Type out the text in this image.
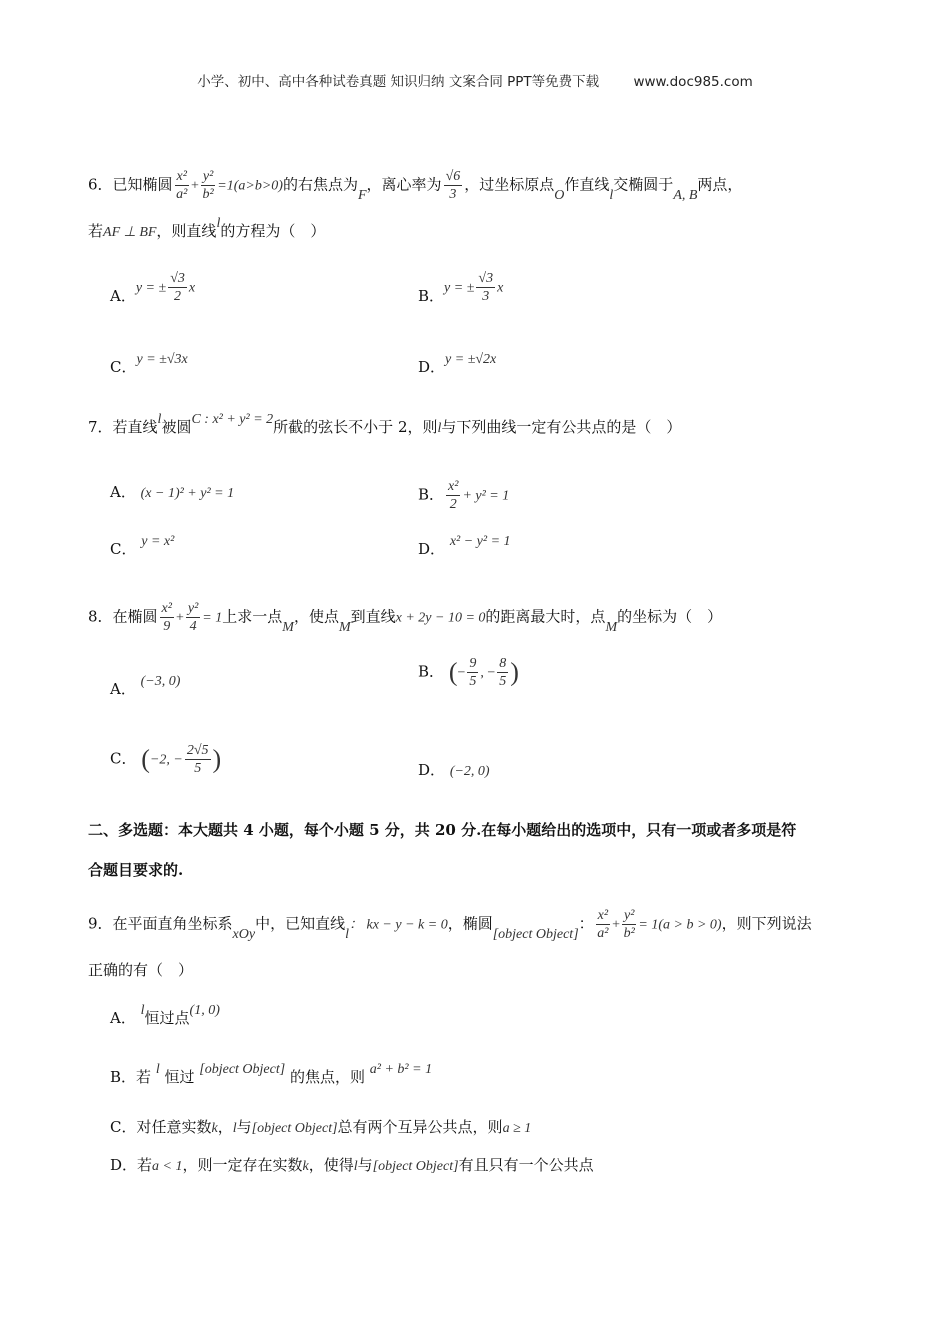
小学、初中、高中各种试卷真题 知识归纳 文案合同 PPT等免费下载	www.doc985.com
6．已知椭圆 $\frac{\text{x²}}{\text{a²}} + \frac{\text{y²}}{\text{b²}} =1(a>b>0)$的右焦点为F，离心率为 $\frac{√6}{3}$ ，过坐标原点O作直线l交椭圆于A, B两点，
若AF ⊥ BF，则直线l的方程为（　）
A．y = ± $\frac{√3}{2}$ x	B．y = ± $\frac{√3}{3}$ x
C．y = ±√3x	D．y = ±√2x
7．若直线l被圆C : x² + y² = 2所截的弦长不小于 2，则l与下列曲线一定有公共点的是（　）
A． (x − 1)² + y² = 1	B． $\frac{\text{x²}}{2} + y^2 = 1$
C． y = x²	D． x² − y² = 1
8．在椭圆 $\frac{\text{x²}}{9} + \frac{\text{y²}}{4} = 1$上求一点M，使点M到直线x + 2y − 10 = 0的距离最大时，点M的坐标为（　）
A． (−3, 0)
B． (− $\frac{9}{5}$ , − $\frac{8}{5}$ )
C． (−2, − $\frac{2√5}{5}$ )	D． (−2, 0)
二、多选题：本大题共 4 小题，每个小题 5 分，共 20 分.在每小题给出的选项中，只有一项或者多项是符
合题目要求的.
9．在平面直角坐标系xOy中，已知直线l： kx − y − k = 0，椭圆[object Object]： $\frac{\text{x²}}{\text{a²}} + \frac{\text{y²}}{\text{b²}} = 1(a > b > 0)$，则下列说法
正确的有（　）
A． l恒过点(1, 0)
B．若 l 恒过 [object Object] 的焦点，则 a² + b² = 1
C．对任意实数k，l与[object Object]总有两个互异公共点，则a ≥ 1
D．若a < 1，则一定存在实数k，使得l与[object Object]有且只有一个公共点
